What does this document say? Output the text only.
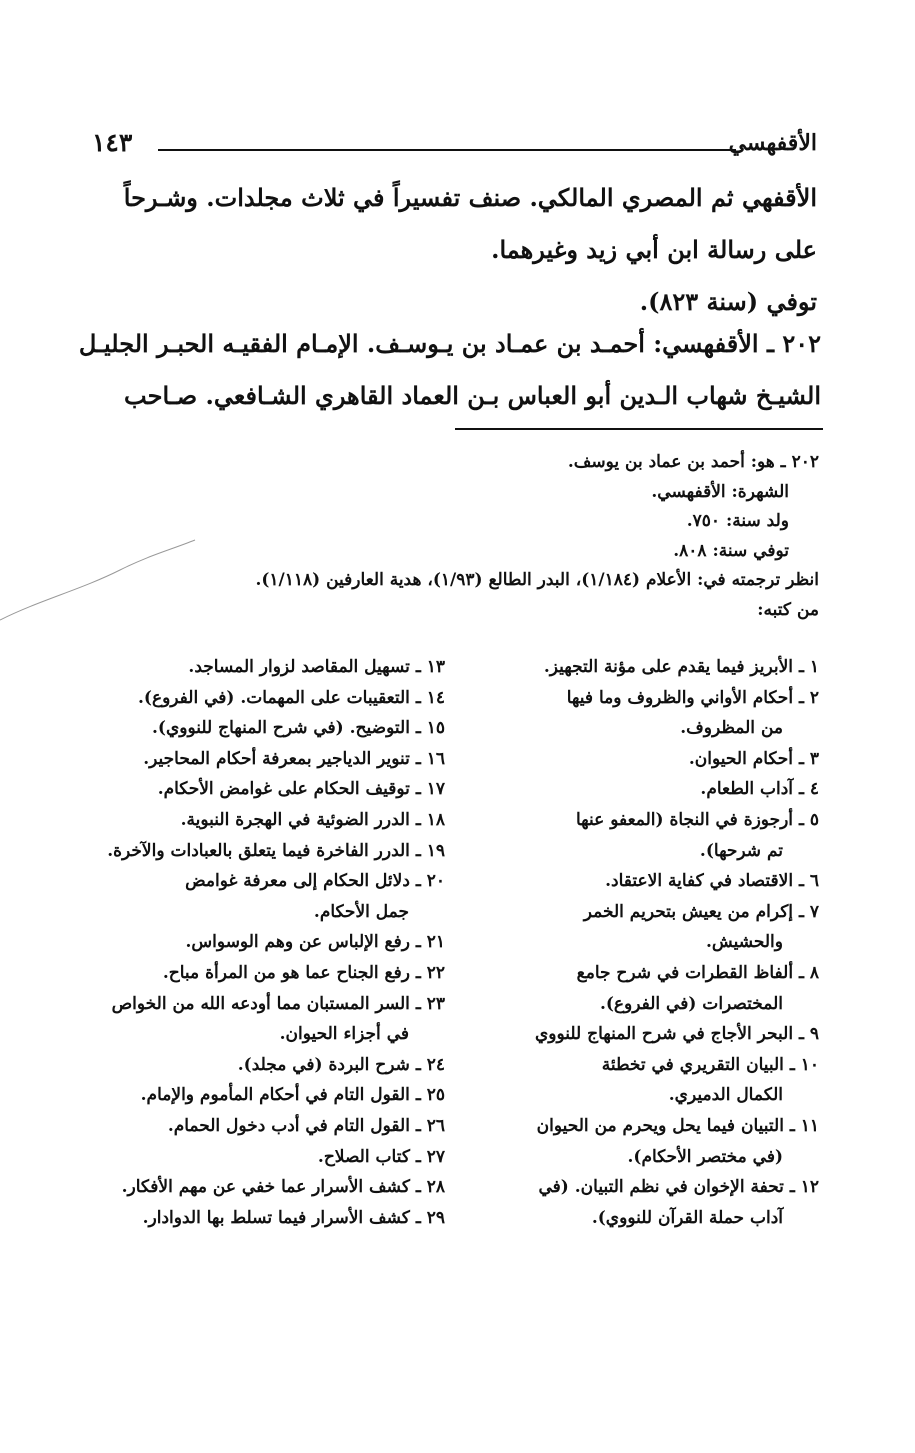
الأقفهسي
١٤٣
الأقفهي ثم المصري المالكي. صنف تفسيراً في ثلاث مجلدات. وشـرحاً
على رسالة ابن أبي زيد وغيرهما.
توفي (سنة ٨٢٣).
٢٠٢ ـ الأقفهسي: أحمـد بن عمـاد بن يـوسـف. الإمـام الفقيـه الحبـر الجليـل
الشيـخ شهاب الـدين أبو العباس بـن العماد القاهري الشـافعي. صـاحب
٢٠٢ ـ هو: أحمد بن عماد بن يوسف.
الشهرة: الأقفهسي.
ولد سنة: ٧٥٠.
توفي سنة: ٨٠٨.
انظر ترجمته في: الأعلام (١/١٨٤)، البدر الطالع (١/٩٣)، هدية العارفين (١/١١٨).
من كتبه:
١ ـ الأبريز فيما يقدم على مؤنة التجهيز.
٢ ـ أحكام الأواني والظروف وما فيها
من المظروف.
٣ ـ أحكام الحيوان.
٤ ـ آداب الطعام.
٥ ـ أرجوزة في النجاة (المعفو عنها
تم شرحها).
٦ ـ الاقتصاد في كفاية الاعتقاد.
٧ ـ إكرام من يعيش بتحريم الخمر
والحشيش.
٨ ـ ألفاظ القطرات في شرح جامع
المختصرات (في الفروع).
٩ ـ البحر الأجاج في شرح المنهاج للنووي
١٠ ـ البيان التقريري في تخطئة
الكمال الدميري.
١١ ـ التبيان فيما يحل ويحرم من الحيوان
(في مختصر الأحكام).
١٢ ـ تحفة الإخوان في نظم التبيان. (في
آداب حملة القرآن للنووي).
١٣ ـ تسهيل المقاصد لزوار المساجد.
١٤ ـ التعقيبات على المهمات. (في الفروع).
١٥ ـ التوضيح. (في شرح المنهاج للنووي).
١٦ ـ تنوير الدياجير بمعرفة أحكام المحاجير.
١٧ ـ توقيف الحكام على غوامض الأحكام.
١٨ ـ الدرر الضوئية في الهجرة النبوية.
١٩ ـ الدرر الفاخرة فيما يتعلق بالعبادات والآخرة.
٢٠ ـ دلائل الحكام إلى معرفة غوامض
جمل الأحكام.
٢١ ـ رفع الإلباس عن وهم الوسواس.
٢٢ ـ رفع الجناح عما هو من المرأة مباح.
٢٣ ـ السر المستبان مما أودعه الله من الخواص
في أجزاء الحيوان.
٢٤ ـ شرح البردة (في مجلد).
٢٥ ـ القول التام في أحكام المأموم والإمام.
٢٦ ـ القول التام في أدب دخول الحمام.
٢٧ ـ كتاب الصلاح.
٢٨ ـ كشف الأسرار عما خفي عن مهم الأفكار.
٢٩ ـ كشف الأسرار فيما تسلط بها الدوادار.
